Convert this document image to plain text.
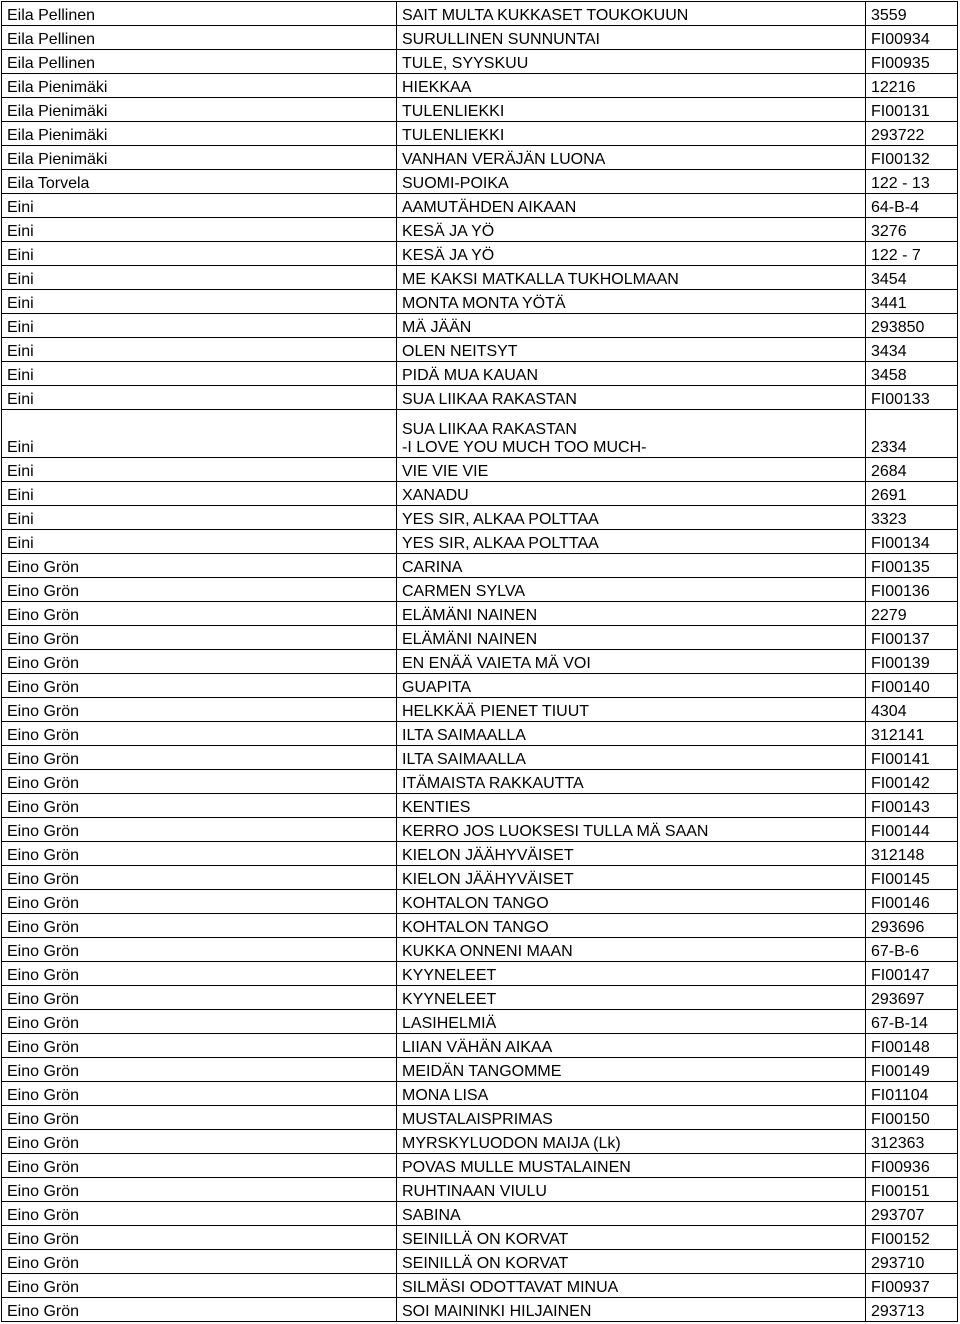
Eila Pellinen	SAIT MULTA KUKKASET TOUKOKUUN	3559
Eila Pellinen	SURULLINEN SUNNUNTAI	FI00934
Eila Pellinen	TULE, SYYSKUU	FI00935
Eila Pienimäki	HIEKKAA	12216
Eila Pienimäki	TULENLIEKKI	FI00131
Eila Pienimäki	TULENLIEKKI	293722
Eila Pienimäki	VANHAN VERÄJÄN LUONA	FI00132
Eila Torvela	SUOMI-POIKA	122 - 13
Eini	AAMUTÄHDEN AIKAAN	64-B-4
Eini	KESÄ JA YÖ	3276
Eini	KESÄ JA YÖ	122 - 7
Eini	ME KAKSI MATKALLA TUKHOLMAAN	3454
Eini	MONTA MONTA YÖTÄ	3441
Eini	MÄ JÄÄN	293850
Eini	OLEN NEITSYT	3434
Eini	PIDÄ MUA KAUAN	3458
Eini	SUA LIIKAA RAKASTAN	FI00133
Eini	SUA LIIKAA RAKASTAN
-I LOVE YOU MUCH TOO MUCH-	2334
Eini	VIE VIE VIE	2684
Eini	XANADU	2691
Eini	YES SIR, ALKAA POLTTAA	3323
Eini	YES SIR, ALKAA POLTTAA	FI00134
Eino Grön	CARINA	FI00135
Eino Grön	CARMEN SYLVA	FI00136
Eino Grön	ELÄMÄNI NAINEN	2279
Eino Grön	ELÄMÄNI NAINEN	FI00137
Eino Grön	EN ENÄÄ VAIETA MÄ VOI	FI00139
Eino Grön	GUAPITA	FI00140
Eino Grön	HELKKÄÄ PIENET TIUUT	4304
Eino Grön	ILTA SAIMAALLA	312141
Eino Grön	ILTA SAIMAALLA	FI00141
Eino Grön	ITÄMAISTA RAKKAUTTA	FI00142
Eino Grön	KENTIES	FI00143
Eino Grön	KERRO JOS LUOKSESI TULLA MÄ SAAN	FI00144
Eino Grön	KIELON JÄÄHYVÄISET	312148
Eino Grön	KIELON JÄÄHYVÄISET	FI00145
Eino Grön	KOHTALON TANGO	FI00146
Eino Grön	KOHTALON TANGO	293696
Eino Grön	KUKKA ONNENI MAAN	67-B-6
Eino Grön	KYYNELEET	FI00147
Eino Grön	KYYNELEET	293697
Eino Grön	LASIHELMIÄ	67-B-14
Eino Grön	LIIAN VÄHÄN AIKAA	FI00148
Eino Grön	MEIDÄN TANGOMME	FI00149
Eino Grön	MONA LISA	FI01104
Eino Grön	MUSTALAISPRIMAS	FI00150
Eino Grön	MYRSKYLUODON MAIJA (Lk)	312363
Eino Grön	POVAS MULLE MUSTALAINEN	FI00936
Eino Grön	RUHTINAAN VIULU	FI00151
Eino Grön	SABINA	293707
Eino Grön	SEINILLÄ ON KORVAT	FI00152
Eino Grön	SEINILLÄ ON KORVAT	293710
Eino Grön	SILMÄSI ODOTTAVAT MINUA	FI00937
Eino Grön	SOI MAININKI HILJAINEN	293713
